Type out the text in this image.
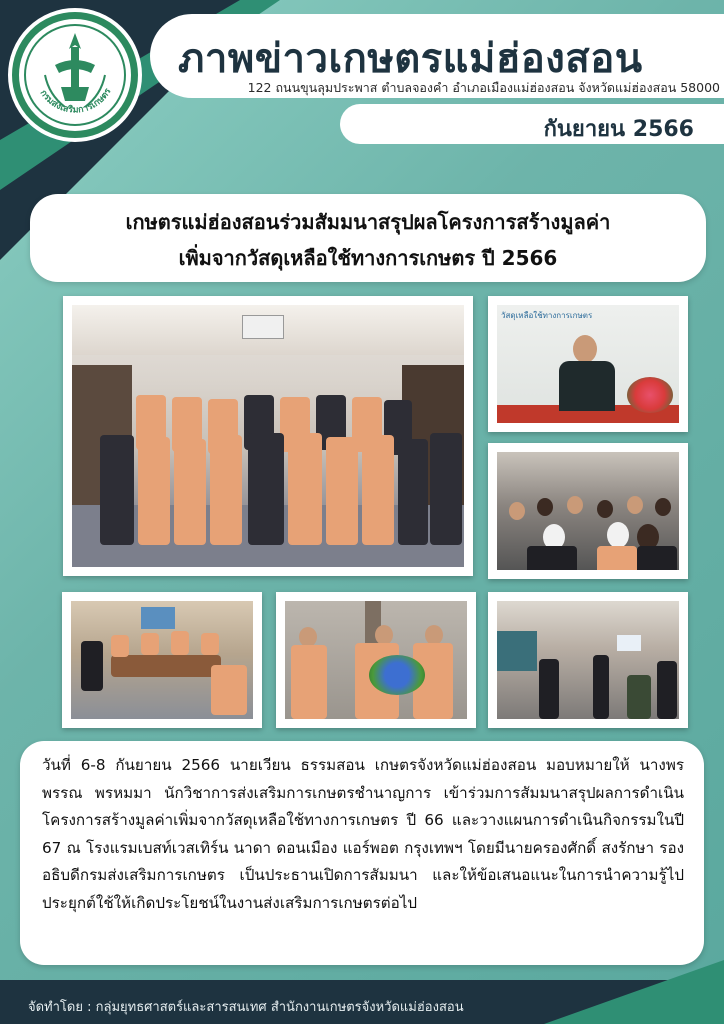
กรมส่งเสริมการเกษตร
ภาพข่าวเกษตรแม่ฮ่องสอน
122 ถนนขุนลุมประพาส ตำบลจองคำ อำเภอเมืองแม่ฮ่องสอน จังหวัดแม่ฮ่องสอน 58000
กันยายน 2566
เกษตรแม่ฮ่องสอนร่วมสัมมนาสรุปผลโครงการสร้างมูลค่า
เพิ่มจากวัสดุเหลือใช้ทางการเกษตร ปี 2566
วัสดุเหลือใช้ทางการเกษตร
วันที่ 6-8 กันยายน 2566 นายเวียน ธรรมสอน เกษตรจังหวัดแม่ฮ่องสอน มอบหมายให้ นางพรพรรณ พรหมมา นักวิชาการส่งเสริมการเกษตรชำนาญการ เข้าร่วมการสัมมนาสรุปผลการดำเนินโครงการสร้างมูลค่าเพิ่มจากวัสดุเหลือใช้ทางการเกษตร ปี 66 และวางแผนการดำเนินกิจกรรมในปี 67 ณ โรงแรมเบสท์เวสเทิร์น นาดา ดอนเมือง แอร์พอต กรุงเทพฯ โดยมีนายครองศักดิ์ สงรักษา รองอธิบดีกรมส่งเสริมการเกษตร เป็นประธานเปิดการสัมมนา และให้ข้อเสนอแนะในการนำความรู้ไปประยุกต์ใช้ให้เกิดประโยชน์ในงานส่งเสริมการเกษตรต่อไป
จัดทำโดย : กลุ่มยุทธศาสตร์และสารสนเทศ สำนักงานเกษตรจังหวัดแม่ฮ่องสอน
